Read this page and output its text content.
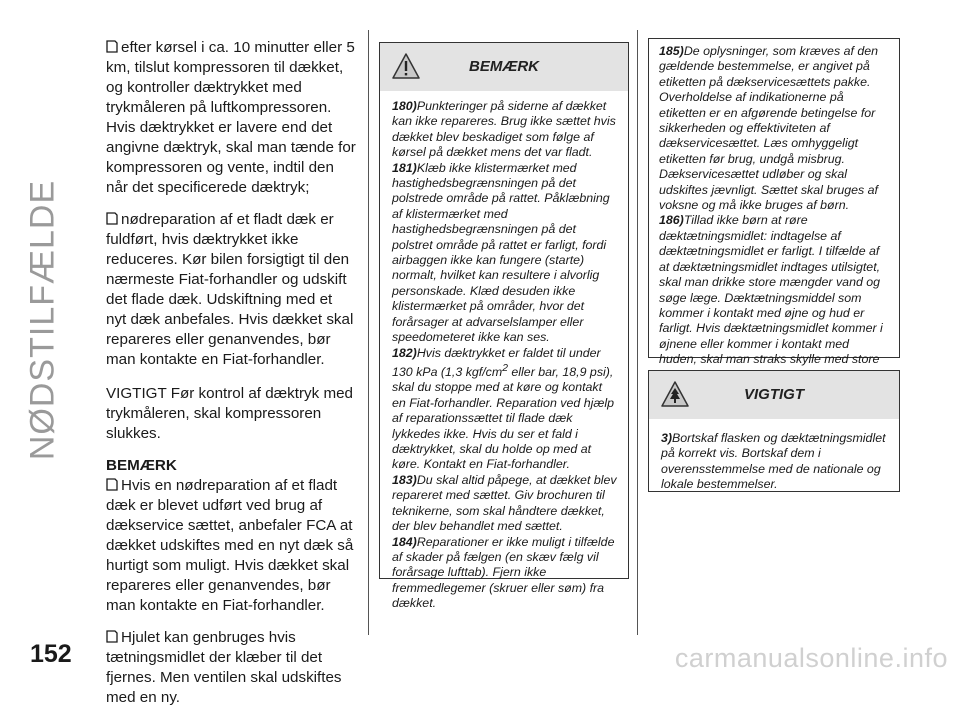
NØDSTILFÆLDE

efter kørsel i ca. 10 minutter eller 5 km, tilslut kompressoren til dækket, og kontroller dæktrykket med trykmåleren på luftkompressoren. Hvis dæktrykket er lavere end det angivne dæktryk, skal man tænde for kompressoren og vente, indtil den når det specificerede dæktryk;

nødreparation af et fladt dæk er fuldført, hvis dæktrykket ikke reduceres. Kør bilen forsigtigt til den nærmeste Fiat-forhandler og udskift det flade dæk. Udskiftning med et nyt dæk anbefales. Hvis dækket skal repareres eller genanvendes, bør man kontakte en Fiat-forhandler.

VIGTIGT Før kontrol af dæktryk med trykmåleren, skal kompressoren slukkes.

BEMÆRK

Hvis en nødreparation af et fladt dæk er blevet udført ved brug af dækservice sættet, anbefaler FCA at dækket udskiftes med en nyt dæk så hurtigt som muligt. Hvis dækket skal repareres eller genanvendes, bør man kontakte en Fiat-forhandler.

Hjulet kan genbruges hvis tætningsmidlet der klæber til det fjernes. Men ventilen skal udskiftes med en ny.

BEMÆRK

180)Punkteringer på siderne af dækket kan ikke repareres. Brug ikke sættet hvis dækket blev beskadiget som følge af kørsel på dækket mens det var fladt.

181)Klæb ikke klistermærket med hastighedsbegrænsningen på det polstrede område på rattet. Påklæbning af klistermærket med hastighedsbegrænsningen på det polstret område på rattet er farligt, fordi airbaggen ikke kan fungere (starte) normalt, hvilket kan resultere i alvorlig personskade. Klæd desuden ikke klistermærket på områder, hvor det forårsager at advarselslamper eller speedometeret ikke kan ses.

182)Hvis dæktrykket er faldet til under 130 kPa (1,3 kgf/$cm^2$ eller bar, 18,9 psi), skal du stoppe med at køre og kontakt en Fiat-forhandler. Reparation ved hjælp af reparationssættet til flade dæk lykkedes ikke. Hvis du ser et fald i dæktrykket, skal du holde op med at køre. Kontakt en Fiat-forhandler.

183)Du skal altid påpege, at dækket blev repareret med sættet. Giv brochuren til teknikerne, som skal håndtere dækket, der blev behandlet med sættet.

184)Reparationer er ikke muligt i tilfælde af skader på fælgen (en skæv fælg vil forårsage lufttab). Fjern ikke fremmedlegemer (skruer eller søm) fra dækket.

185)De oplysninger, som kræves af den gældende bestemmelse, er angivet på etiketten på dækservicesættets pakke. Overholdelse af indikationerne på etiketten er en afgørende betingelse for sikkerheden og effektiviteten af dækservicesættet. Læs omhyggeligt etiketten før brug, undgå misbrug. Dækservicesættet udløber og skal udskiftes jævnligt. Sættet skal bruges af voksne og må ikke bruges af børn.

186)Tillad ikke børn at røre dæktætningsmidlet: indtagelse af dæktætningsmidlet er farligt. I tilfælde af at dæktætningsmidlet indtages utilsigtet, skal man drikke store mængder vand og søge læge. Dæktætningsmiddel som kommer i kontakt med øjne og hud er farligt. Hvis dæktætningsmidlet kommer i øjnene eller kommer i kontakt med huden, skal man straks skylle med store

VIGTIGT

3)Bortskaf flasken og dæktætningsmidlet på korrekt vis. Bortskaf dem i overensstemmelse med de nationale og lokale bestemmelser.

152	carmanualsonline.info
